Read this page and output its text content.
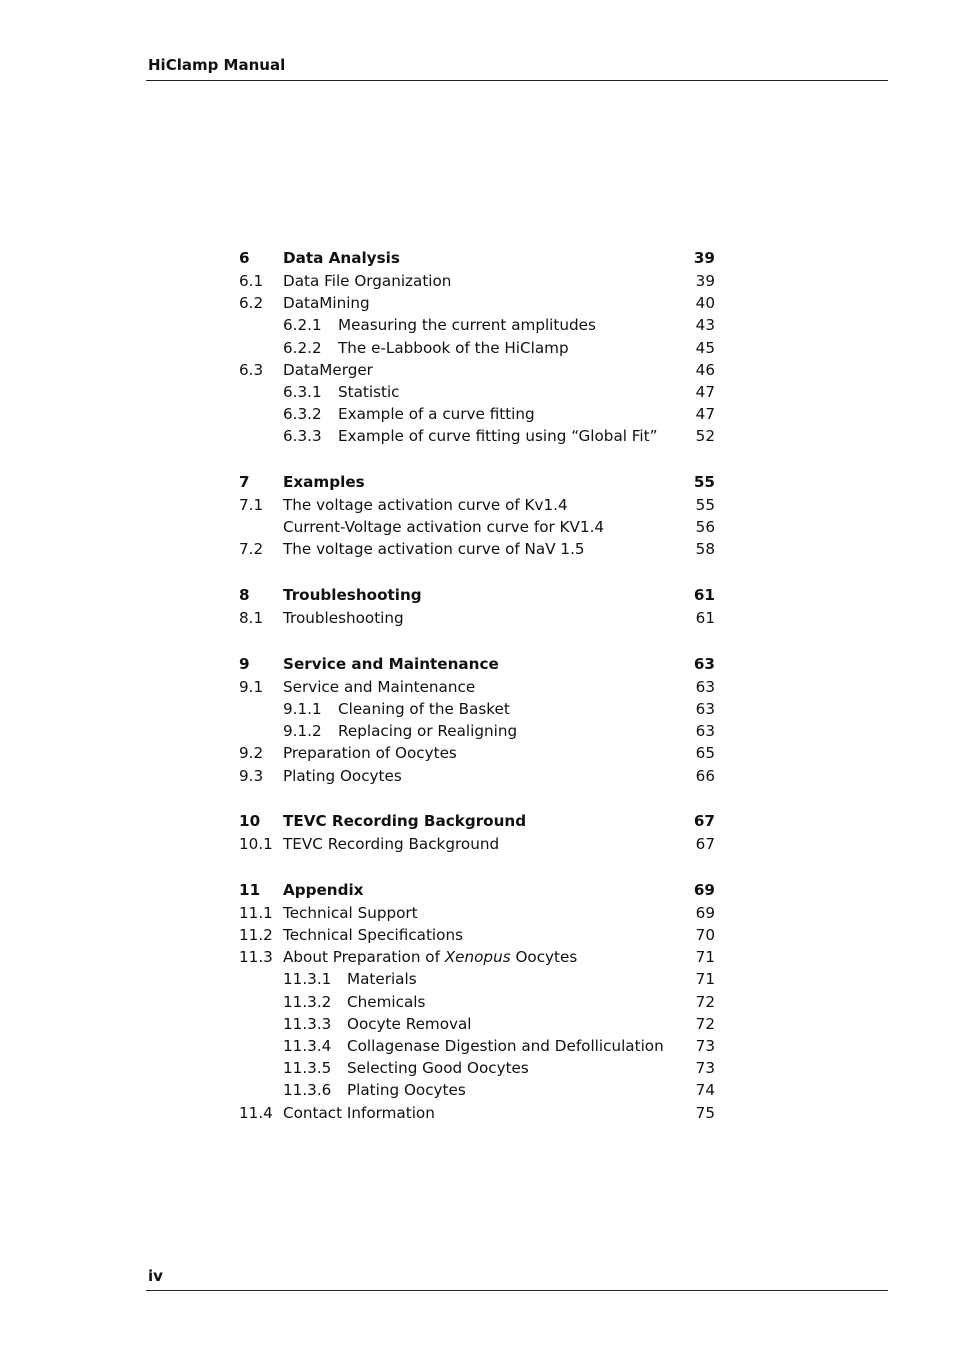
HiClamp Manual
6 Data Analysis	39
6.1 Data File Organization	39
6.2 DataMining	40
6.2.1 Measuring the current amplitudes	43
6.2.2 The e-Labbook of the HiClamp	45
6.3 DataMerger	46
6.3.1 Statistic	47
6.3.2 Example of a curve fitting	47
6.3.3 Example of curve fitting using “Global Fit”	52
7 Examples	55
7.1 The voltage activation curve of Kv1.4	55
Current-Voltage activation curve for KV1.4	56
7.2 The voltage activation curve of NaV 1.5	58
8 Troubleshooting	61
8.1 Troubleshooting	61
9 Service and Maintenance	63
9.1 Service and Maintenance	63
9.1.1 Cleaning of the Basket	63
9.1.2 Replacing or Realigning	63
9.2 Preparation of Oocytes	65
9.3 Plating Oocytes	66
10 TEVC Recording Background	67
10.1 TEVC Recording Background	67
11 Appendix	69
11.1 Technical Support	69
11.2 Technical Specifications	70
11.3 About Preparation of Xenopus Oocytes	71
11.3.1 Materials	71
11.3.2 Chemicals	72
11.3.3 Oocyte Removal	72
11.3.4 Collagenase Digestion and Defolliculation 73
11.3.5 Selecting Good Oocytes	73
11.3.6 Plating Oocytes	74
11.4 Contact Information	75
iv
